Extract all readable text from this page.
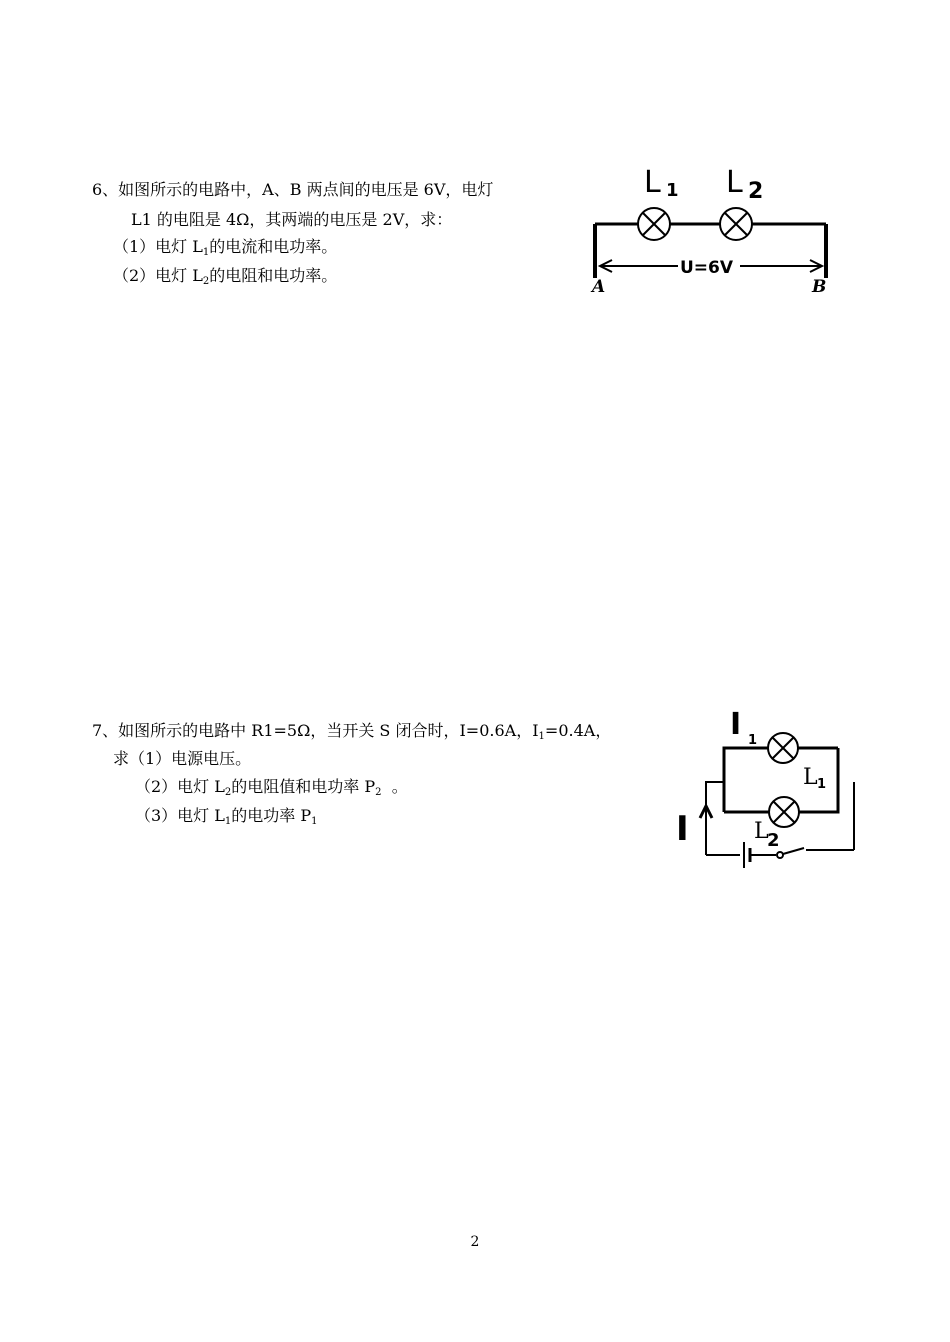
6、如图所示的电路中，A、B 两点间的电压是 6V，电灯
L1 的电阻是 4Ω，其两端的电压是 2V，求：
（1）电灯 $L_1$的电流和电功率。
（2）电灯 $L_2$的电阻和电功率。
L 1 L 2
U=6V
A	B
7、如图所示的电路中 R1=5Ω，当开关 S 闭合时，I=0.6A，$I_1=0.4A$，
求（1）电源电压。
（2）电灯 $L_2$的电阻值和电功率 $P_2$  。
（3）电灯 $L_1$的电功率 $P_1$	I
I 1
L 1
L
2
2
